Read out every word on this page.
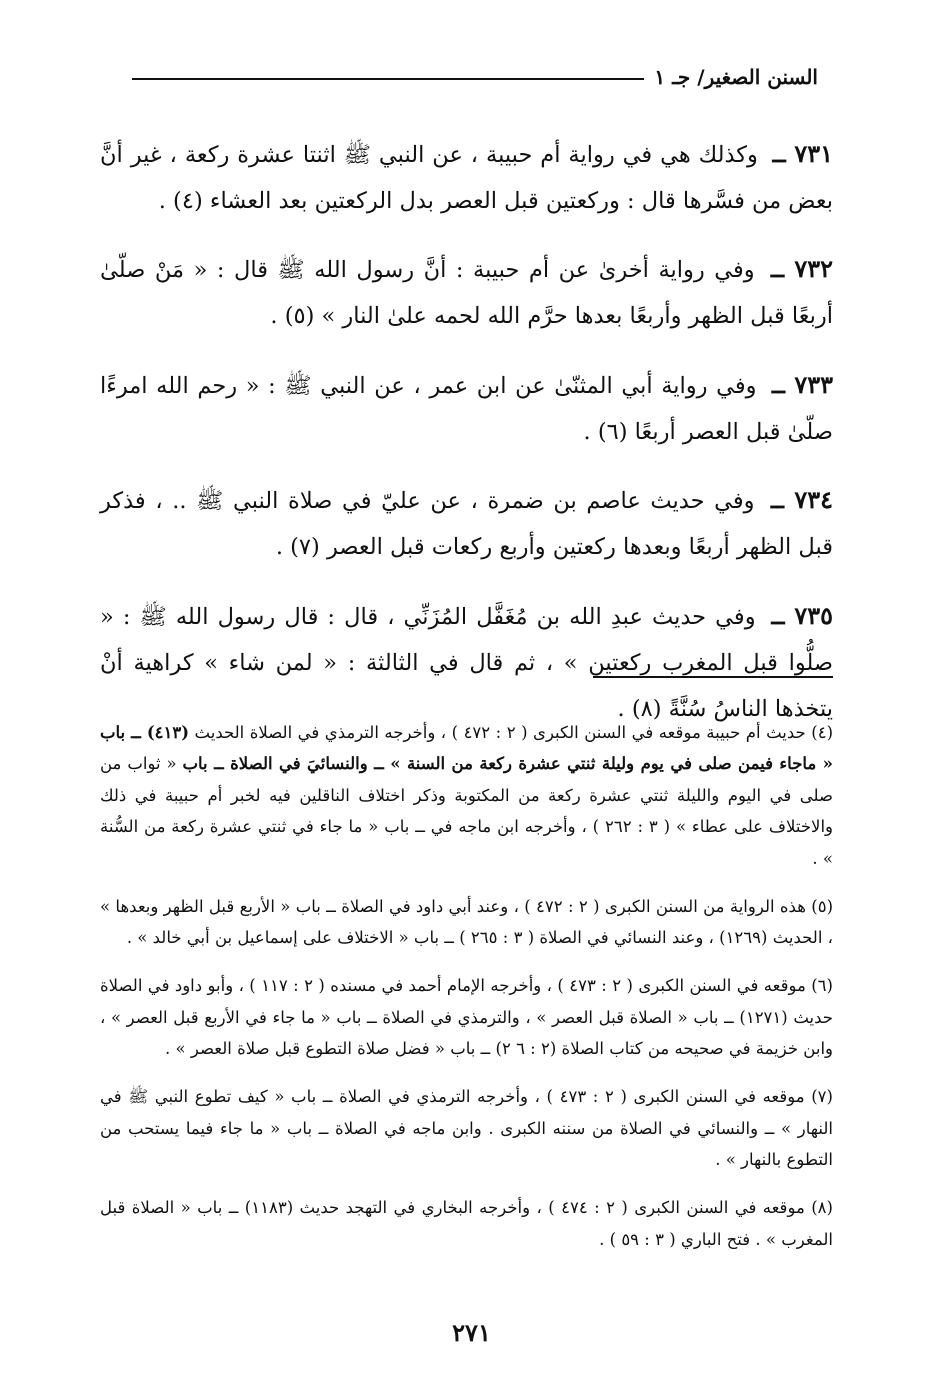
السنن الصغير/ جـ ١

٧٣١ ــ وكذلك هي في رواية أم حبيبة ، عن النبي ﷺ اثنتا عشرة ركعة ، غير أنَّ بعض من فسَّرها قال : وركعتين قبل العصر بدل الركعتين بعد العشاء (٤) .

٧٣٢ ــ وفي رواية أخرىٰ عن أم حبيبة : أنَّ رسول الله ﷺ قال : « مَنْ صلّىٰ أربعًا قبل الظهر وأربعًا بعدها حرَّم الله لحمه علىٰ النار » (٥) .

٧٣٣ ــ وفي رواية أبي المثنّىٰ عن ابن عمر ، عن النبي ﷺ : « رحم الله امرءًا صلّىٰ قبل العصر أربعًا (٦) .

٧٣٤ ــ وفي حديث عاصم بن ضمرة ، عن عليّ في صلاة النبي ﷺ .. ، فذكر قبل الظهر أربعًا وبعدها ركعتين وأربع ركعات قبل العصر (٧) .

٧٣٥ ــ وفي حديث عبدِ الله بن مُغَفَّل المُزَنِّي ، قال : قال رسول الله ﷺ : « صلُّوا قبل المغرب ركعتين » ، ثم قال في الثالثة : « لمن شاء » كراهية أنْ يتخذها الناسُ سُنَّةً (٨) .

(٤) حديث أم حبيبة موقعه في السنن الكبرى ( ٢ : ٤٧٢ ) ، وأخرجه الترمذي في الصلاة الحديث (٤١٣) ــ باب « ماجاء فيمن صلى في يوم وليلة ثنتي عشرة ركعة من السنة » ــ والنسائيَ في الصلاة ــ باب « ثواب من صلى في اليوم والليلة ثنتي عشرة ركعة من المكتوبة وذكر اختلاف الناقلين فيه لخبر أم حبيبة في ذلك والاختلاف على عطاء » ( ٣ : ٢٦٢ ) ، وأخرجه ابن ماجه في ــ باب « ما جاء في ثنتي عشرة ركعة من السُّنة » .

(٥) هذه الرواية من السنن الكبرى ( ٢ : ٤٧٢ ) ، وعند أبي داود في الصلاة ــ باب « الأربع قبل الظهر وبعدها » ، الحديث (١٢٦٩) ، وعند النسائي في الصلاة ( ٣ : ٢٦٥ ) ــ باب « الاختلاف على إسماعيل بن أبي خالد » .

(٦) موقعه في السنن الكبرى ( ٢ : ٤٧٣ ) ، وأخرجه الإمام أحمد في مسنده ( ٢ : ١١٧ ) ، وأبو داود في الصلاة حديث (١٢٧١) ــ باب « الصلاة قبل العصر » ، والترمذي في الصلاة ــ باب « ما جاء في الأربع قبل العصر » ، وابن خزيمة في صحيحه من كتاب الصلاة (٢ : ٦ ٢) ــ باب « فضل صلاة التطوع قبل صلاة العصر » .

(٧) موقعه في السنن الكبرى ( ٢ : ٤٧٣ ) ، وأخرجه الترمذي في الصلاة ــ باب « كيف تطوع النبي ﷺ في النهار » ــ والنسائي في الصلاة من سننه الكبرى . وابن ماجه في الصلاة ــ باب « ما جاء فيما يستحب من التطوع بالنهار » .

(٨) موقعه في السنن الكبرى ( ٢ : ٤٧٤ ) ، وأخرجه البخاري في التهجد حديث (١١٨٣) ــ باب « الصلاة قبل المغرب » . فتح الباري ( ٣ : ٥٩ ) .

٢٧١
